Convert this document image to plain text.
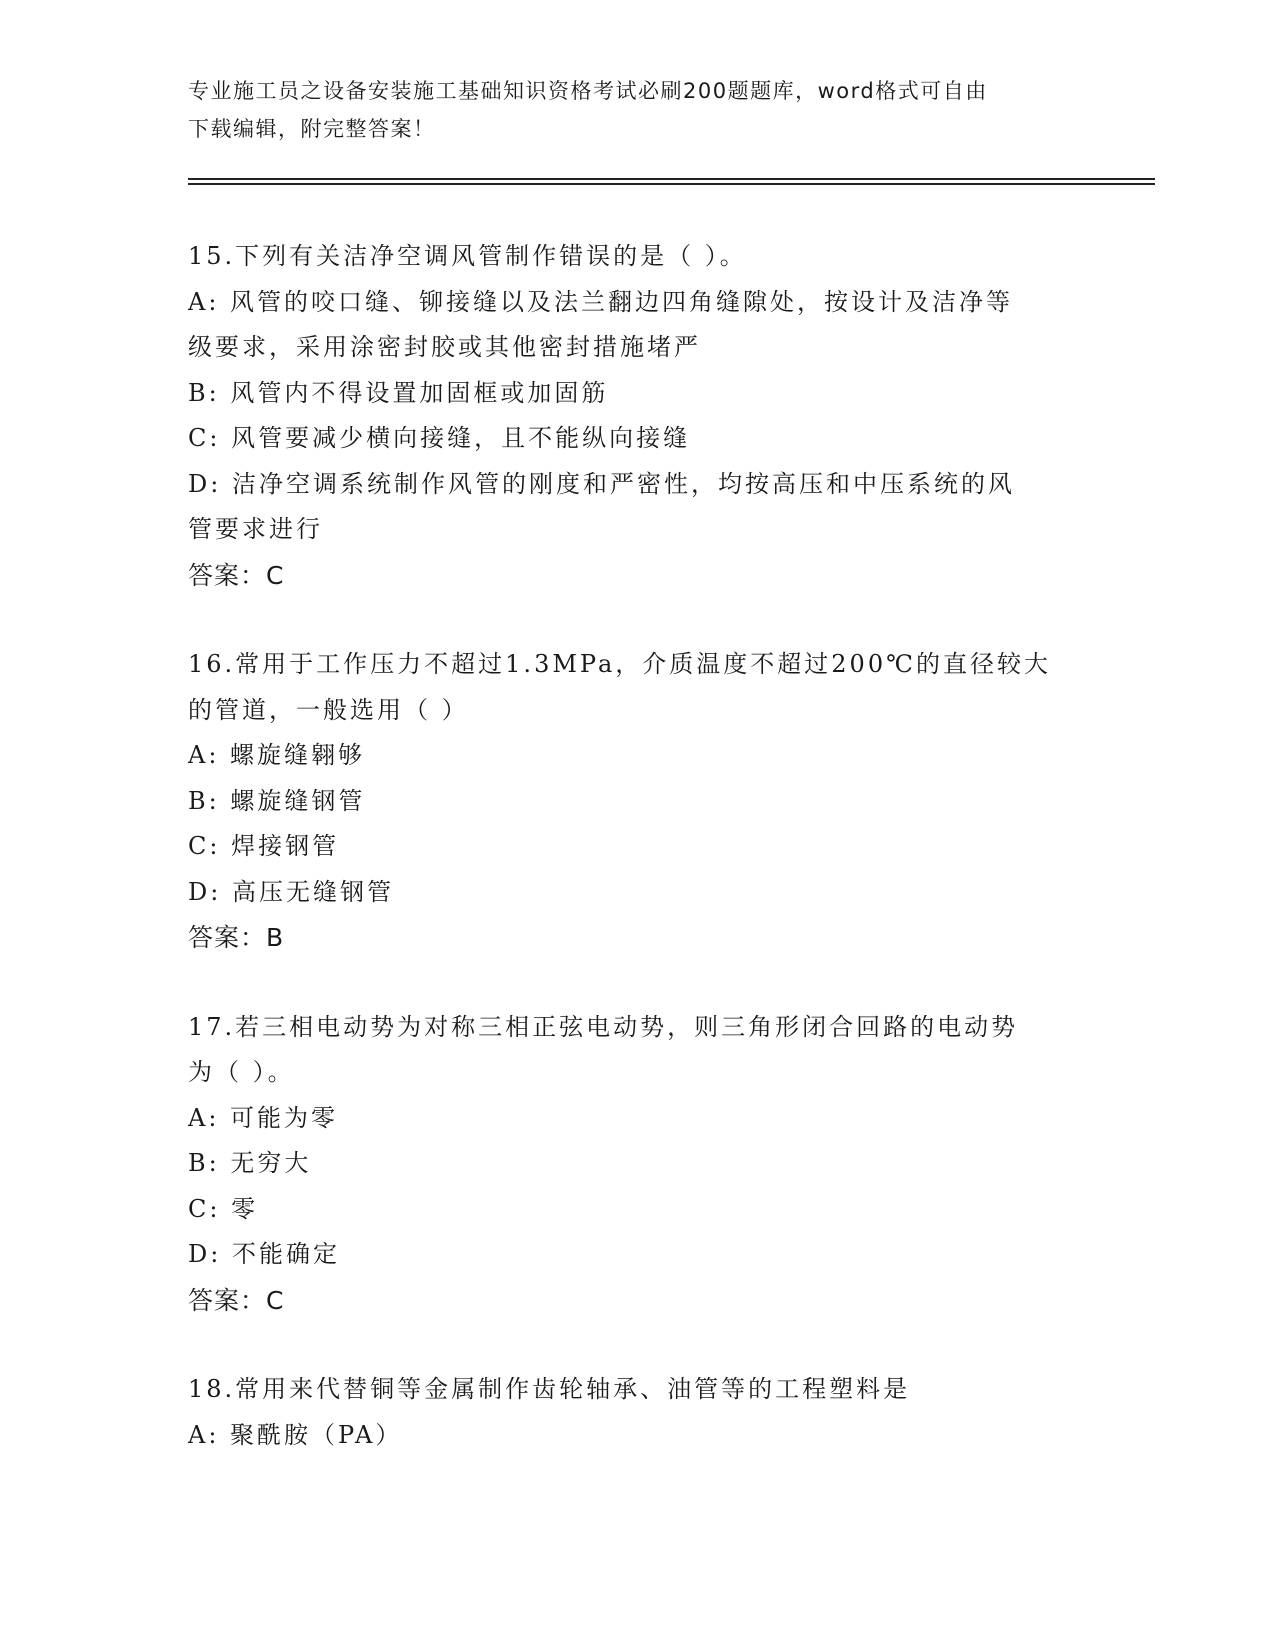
专业施工员之设备安装施工基础知识资格考试必刷200题题库，word格式可自由
下载编辑，附完整答案！
15.下列有关洁净空调风管制作错误的是（ ）。
A: 风管的咬口缝、铆接缝以及法兰翻边四角缝隙处，按设计及洁净等
级要求，采用涂密封胶或其他密封措施堵严
B: 风管内不得设置加固框或加固筋
C: 风管要减少横向接缝，且不能纵向接缝
D: 洁净空调系统制作风管的刚度和严密性，均按高压和中压系统的风
管要求进行
答案：C
16.常用于工作压力不超过1.3MPa，介质温度不超过200℃的直径较大
的管道，一般选用（ ）
A: 螺旋缝翱够
B: 螺旋缝钢管
C: 焊接钢管
D: 高压无缝钢管
答案：B
17.若三相电动势为对称三相正弦电动势，则三角形闭合回路的电动势
为（ ）。
A: 可能为零
B: 无穷大
C: 零
D: 不能确定
答案：C
18.常用来代替铜等金属制作齿轮轴承、油管等的工程塑料是
A: 聚酰胺（PA）
